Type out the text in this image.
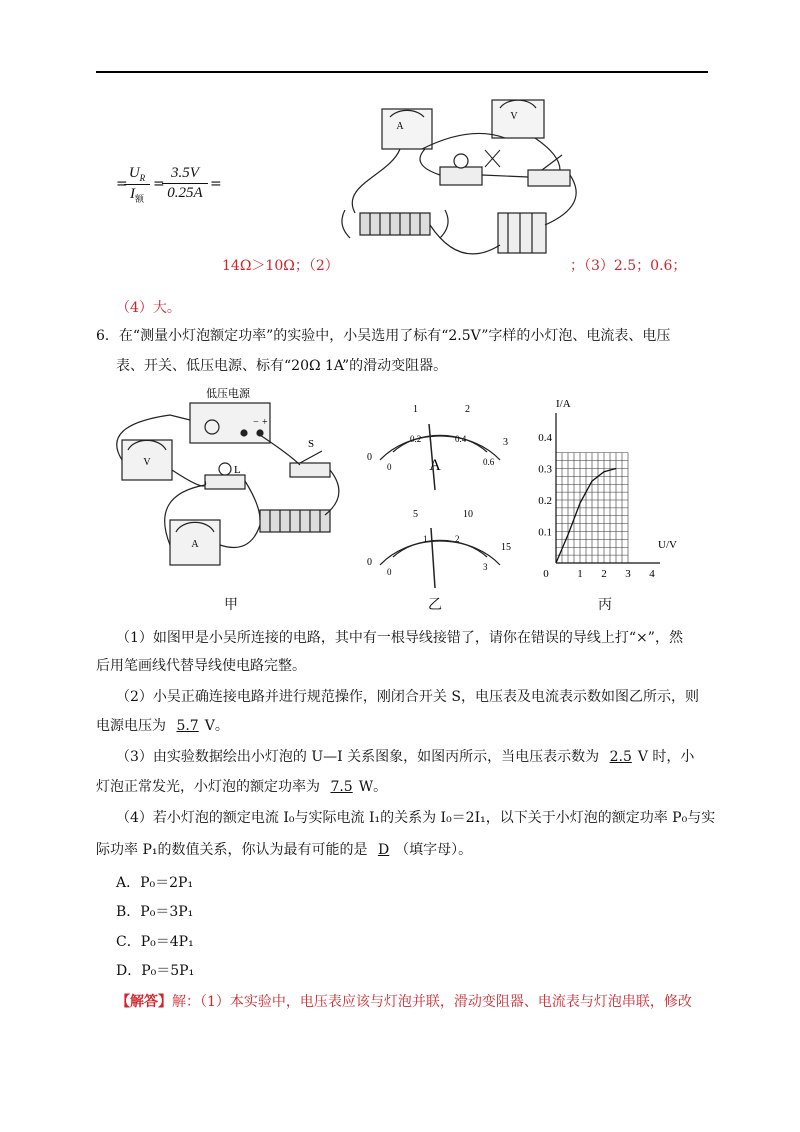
=
$U_R$
$I_额$
=
3.5V
0.25A
=
A
V
14Ω＞10Ω；（2）	；（3）2.5；0.6；
（4）大。
6．在“测量小灯泡额定功率”的实验中，小吴选用了标有“2.5V”字样的小灯泡、电流表、电压
表、开关、低压电源、标有“20Ω 1A”的滑动变阻器。
低压电源
V
A
S
L
− +
甲
0
1	2
3
0
0.2	0.4
0.6
A
0
5	10
15
0
1	2
3
乙
I/A
U/V
0.4
0.3
0.2
0.1
0	1 2 3 4
丙
（1）如图甲是小吴所连接的电路，其中有一根导线接错了，请你在错误的导线上打“×”，然
后用笔画线代替导线使电路完整。
（2）小吴正确连接电路并进行规范操作，刚闭合开关 S，电压表及电流表示数如图乙所示，则
电源电压为 5.7 V。
（3）由实验数据绘出小灯泡的 U—I 关系图象，如图丙所示，当电压表示数为 2.5 V 时，小
灯泡正常发光，小灯泡的额定功率为 7.5 W。
（4）若小灯泡的额定电流 I₀与实际电流 I₁的关系为 I₀＝2I₁，以下关于小灯泡的额定功率 P₀与实
际功率 P₁的数值关系，你认为最有可能的是 D （填字母）。
A．P₀＝2P₁
B．P₀＝3P₁
C．P₀＝4P₁
D．P₀＝5P₁
【解答】解：（1）本实验中，电压表应该与灯泡并联，滑动变阻器、电流表与灯泡串联，修改
